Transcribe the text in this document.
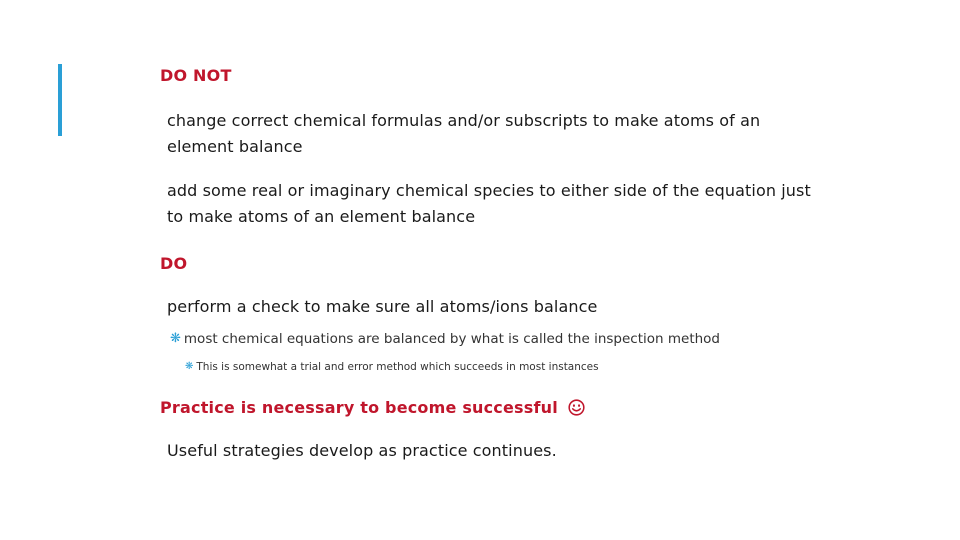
DO NOT
change correct chemical formulas and/or subscripts to make atoms of an
element balance
add some real or imaginary chemical species to either side of the equation just
to make atoms of an element balance
DO
perform a check to make sure all atoms/ions balance
❋ most chemical equations are balanced by what is called the inspection method
❋ This is somewhat a trial and error method which succeeds in most instances
Practice is necessary to become successful
Useful strategies develop as practice continues.
